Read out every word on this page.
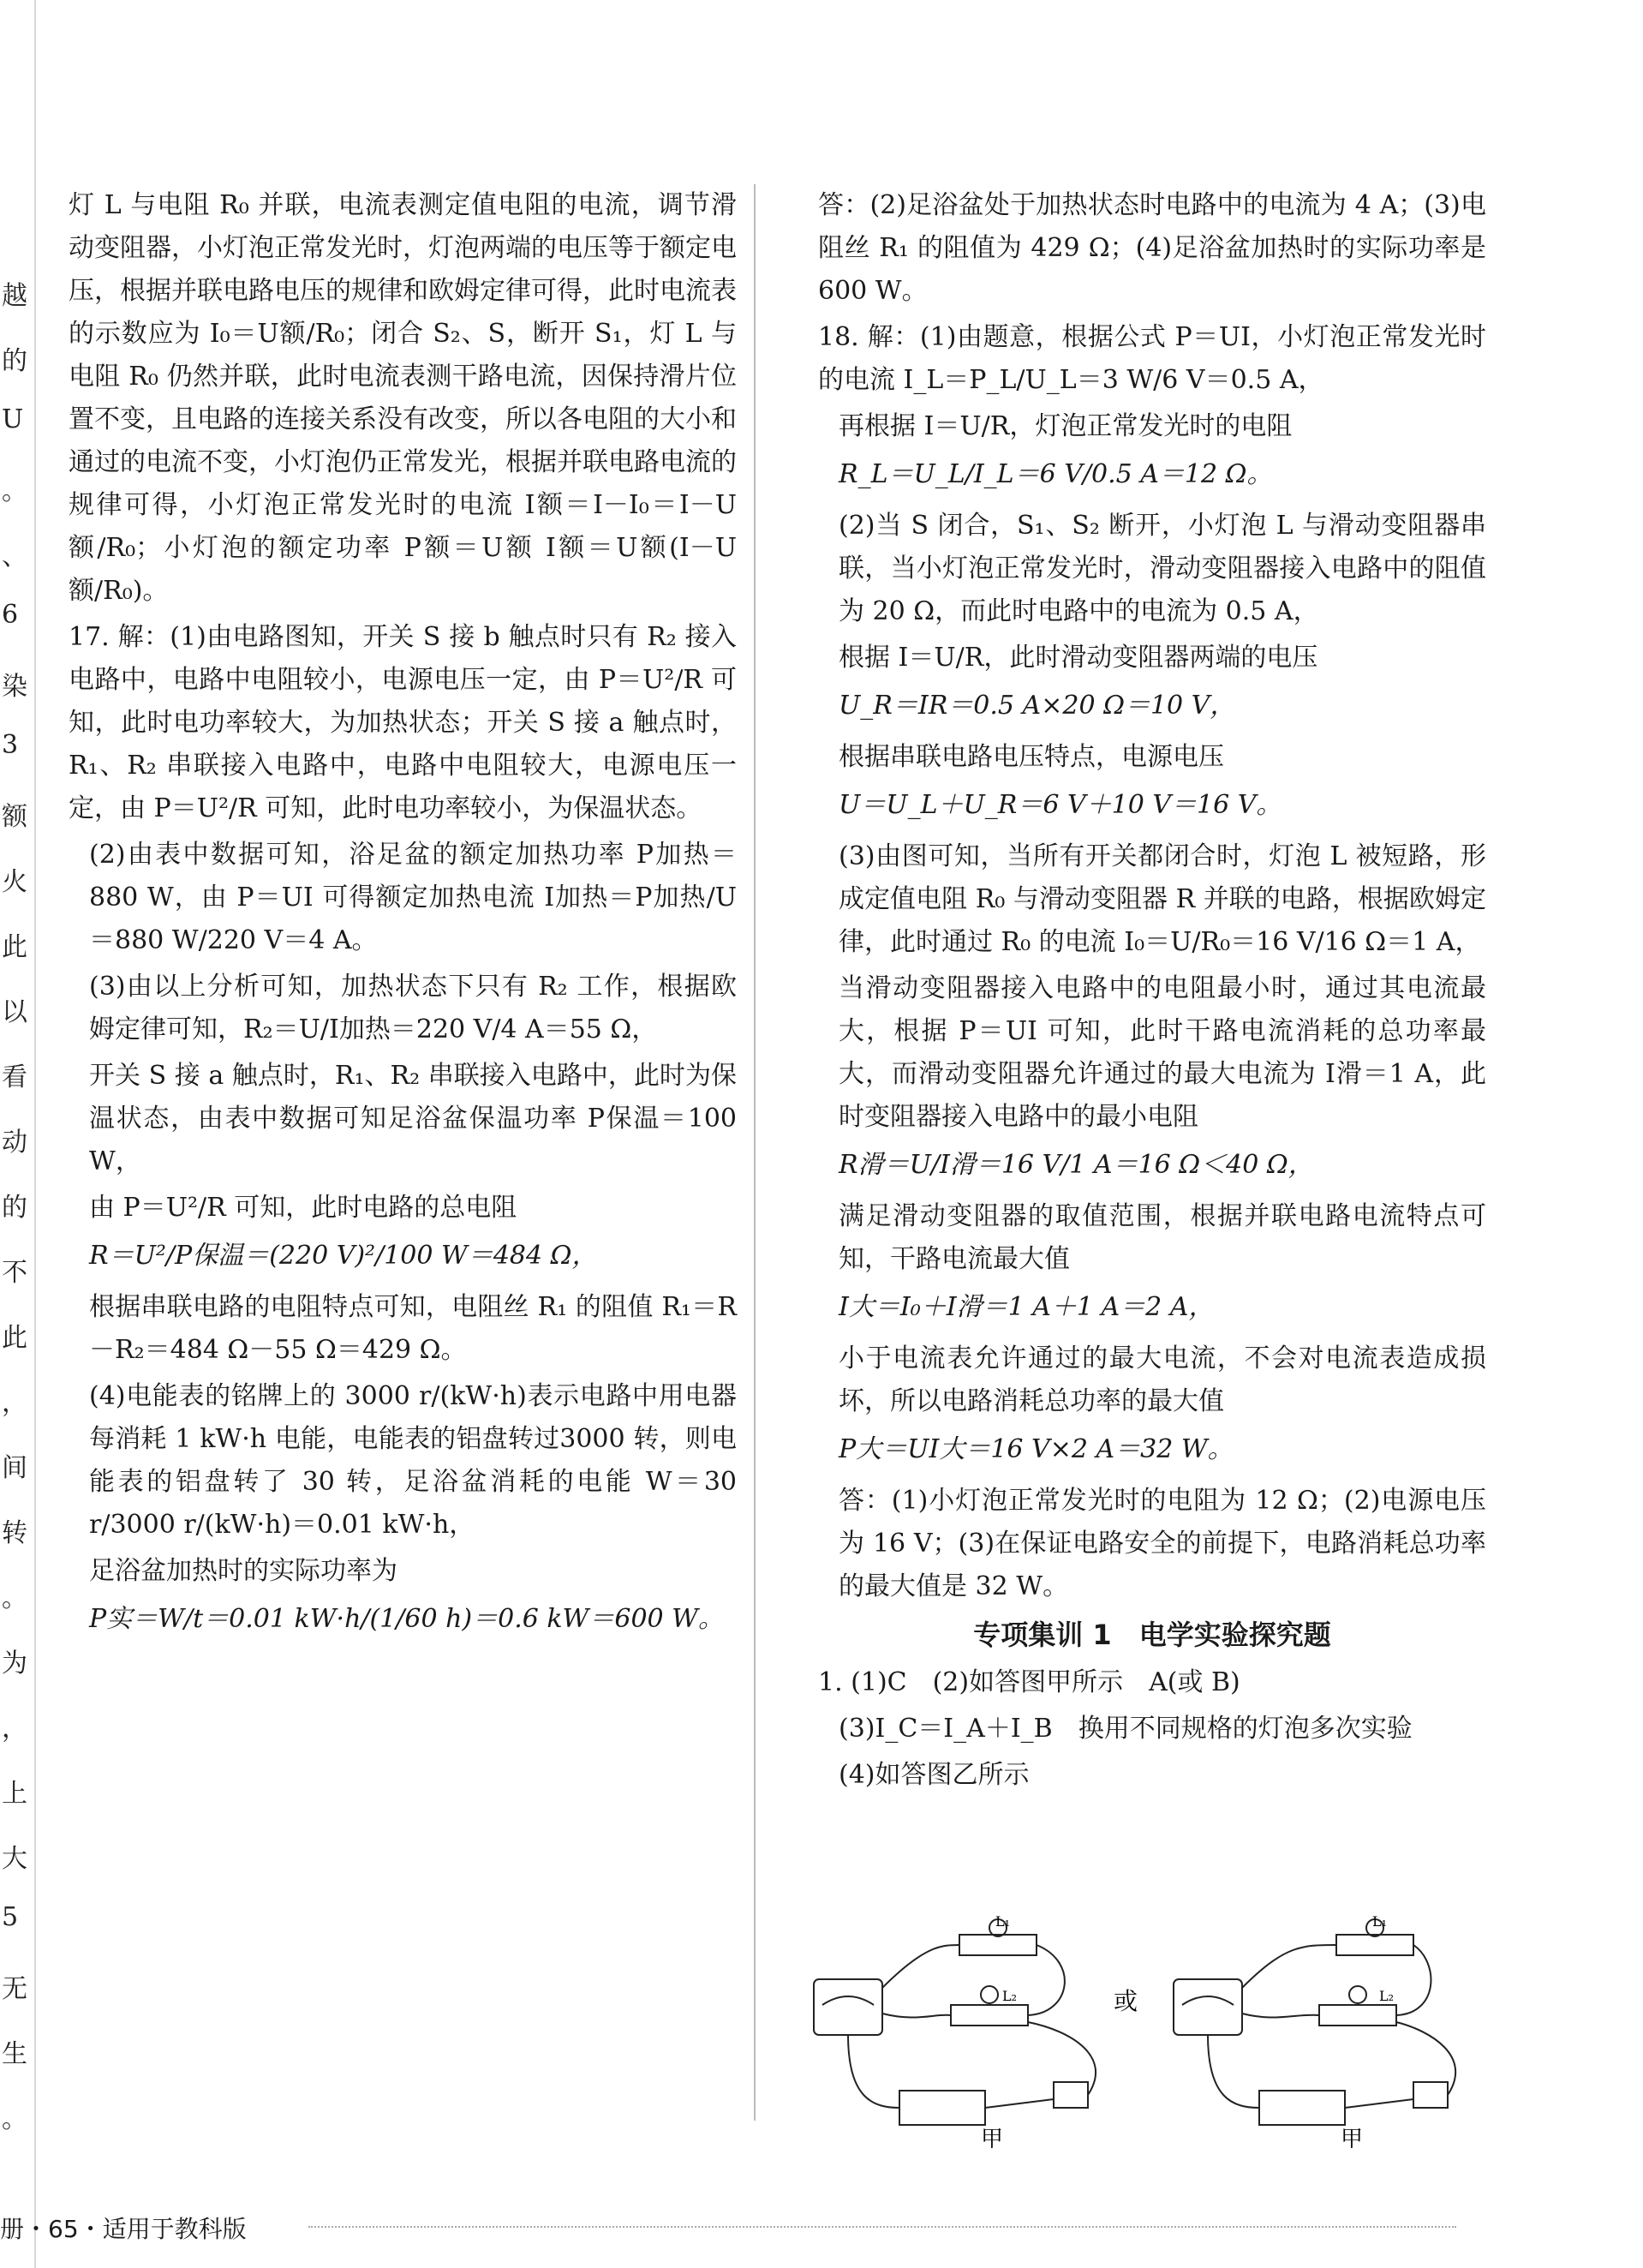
越
的
U
。
、
6
染
3
额
火
此
以
看
动
的
不
此
，
间
转
。
为
，
上
大
5
无
生
。

灯 L 与电阻 R₀ 并联，电流表测定值电阻的电流，调节滑动变阻器，小灯泡正常发光时，灯泡两端的电压等于额定电压，根据并联电路电压的规律和欧姆定律可得，此时电流表的示数应为 I₀＝U额/R₀；闭合 S₂、S，断开 S₁，灯 L 与电阻 R₀ 仍然并联，此时电流表测干路电流，因保持滑片位置不变，且电路的连接关系没有改变，所以各电阻的大小和通过的电流不变，小灯泡仍正常发光，根据并联电路电流的规律可得，小灯泡正常发光时的电流 I额＝I－I₀＝I－U额/R₀；小灯泡的额定功率 P额＝U额 I额＝U额(I－U额/R₀)。

17. 解：(1)由电路图知，开关 S 接 b 触点时只有 R₂ 接入电路中，电路中电阻较小，电源电压一定，由 P＝U²/R 可知，此时电功率较大，为加热状态；开关 S 接 a 触点时，R₁、R₂ 串联接入电路中，电路中电阻较大，电源电压一定，由 P＝U²/R 可知，此时电功率较小，为保温状态。

(2)由表中数据可知，浴足盆的额定加热功率 P加热＝880 W，由 P＝UI 可得额定加热电流 I加热＝P加热/U＝880 W/220 V＝4 A。

(3)由以上分析可知，加热状态下只有 R₂ 工作，根据欧姆定律可知，R₂＝U/I加热＝220 V/4 A＝55 Ω，

开关 S 接 a 触点时，R₁、R₂ 串联接入电路中，此时为保温状态，由表中数据可知足浴盆保温功率 P保温＝100 W，

由 P＝U²/R 可知，此时电路的总电阻

R＝U²/P保温＝(220 V)²/100 W＝484 Ω，

根据串联电路的电阻特点可知，电阻丝 R₁ 的阻值 R₁＝R－R₂＝484 Ω－55 Ω＝429 Ω。

(4)电能表的铭牌上的 3000 r/(kW·h)表示电路中用电器每消耗 1 kW·h 电能，电能表的铝盘转过3000 转，则电能表的铝盘转了 30 转，足浴盆消耗的电能 W＝30 r/3000 r/(kW·h)＝0.01 kW·h，

足浴盆加热时的实际功率为

P实＝W/t＝0.01 kW·h/(1/60 h)＝0.6 kW＝600 W。

答：(2)足浴盆处于加热状态时电路中的电流为 4 A；(3)电阻丝 R₁ 的阻值为 429 Ω；(4)足浴盆加热时的实际功率是 600 W。

18. 解：(1)由题意，根据公式 P＝UI，小灯泡正常发光时的电流 I_L＝P_L/U_L＝3 W/6 V＝0.5 A，

再根据 I＝U/R，灯泡正常发光时的电阻

R_L＝U_L/I_L＝6 V/0.5 A＝12 Ω。

(2)当 S 闭合，S₁、S₂ 断开，小灯泡 L 与滑动变阻器串联，当小灯泡正常发光时，滑动变阻器接入电路中的阻值为 20 Ω，而此时电路中的电流为 0.5 A，

根据 I＝U/R，此时滑动变阻器两端的电压

U_R＝IR＝0.5 A×20 Ω＝10 V，

根据串联电路电压特点，电源电压

U＝U_L＋U_R＝6 V＋10 V＝16 V。

(3)由图可知，当所有开关都闭合时，灯泡 L 被短路，形成定值电阻 R₀ 与滑动变阻器 R 并联的电路，根据欧姆定律，此时通过 R₀ 的电流 I₀＝U/R₀＝16 V/16 Ω＝1 A，

当滑动变阻器接入电路中的电阻最小时，通过其电流最大，根据 P＝UI 可知，此时干路电流消耗的总功率最大，而滑动变阻器允许通过的最大电流为 I滑＝1 A，此时变阻器接入电路中的最小电阻

R滑＝U/I滑＝16 V/1 A＝16 Ω＜40 Ω，

满足滑动变阻器的取值范围，根据并联电路电流特点可知，干路电流最大值

I大＝I₀＋I滑＝1 A＋1 A＝2 A，

小于电流表允许通过的最大电流，不会对电流表造成损坏，所以电路消耗总功率的最大值

P大＝UI大＝16 V×2 A＝32 W。

答：(1)小灯泡正常发光时的电阻为 12 Ω；(2)电源电压为 16 V；(3)在保证电路安全的前提下，电路消耗总功率的最大值是 32 W。

专项集训 1　电学实验探究题

1. (1)C　(2)如答图甲所示　A(或 B)

(3)I_C＝I_A＋I_B　换用不同规格的灯泡多次实验

(4)如答图乙所示

甲
L₁
L₂	或
甲
L₁
L₂
册・65・适用于教科版
